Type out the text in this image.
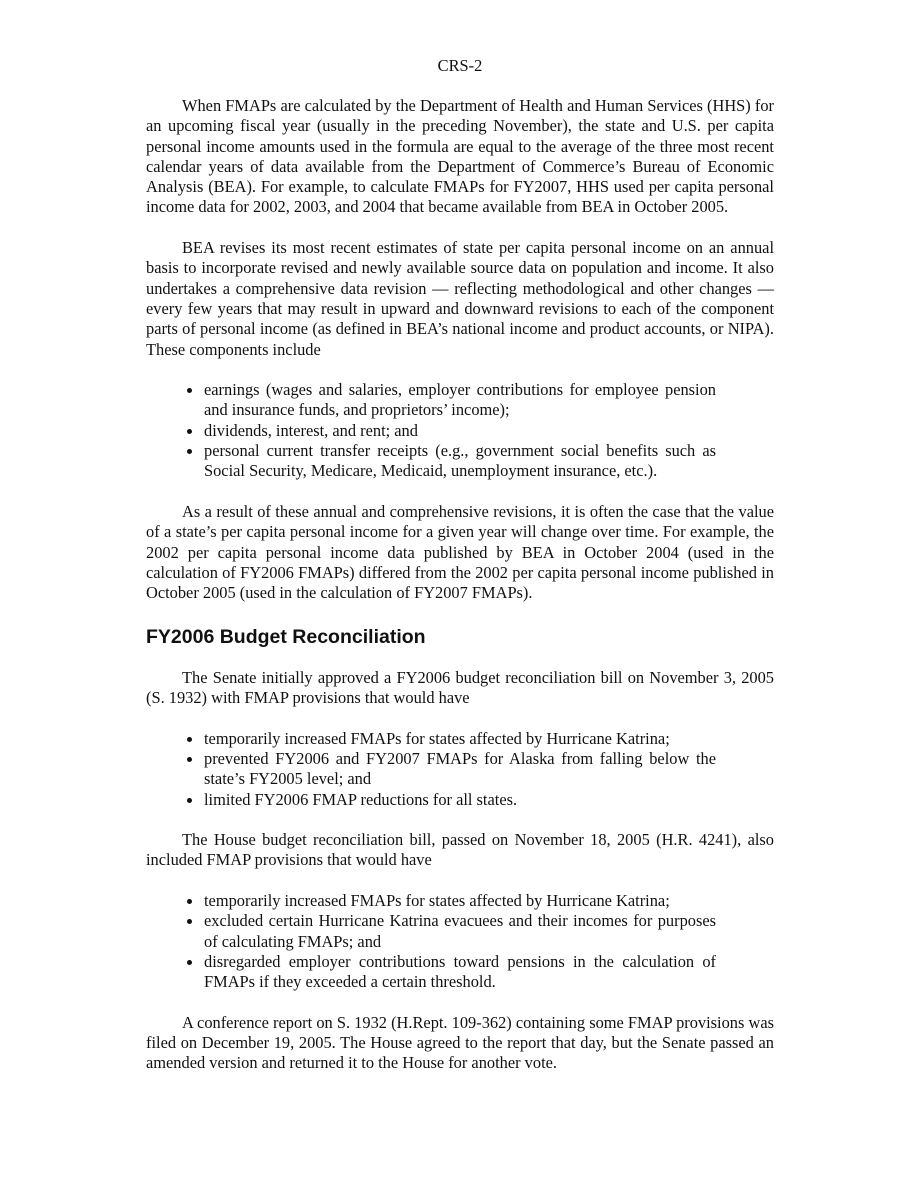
CRS-2

When FMAPs are calculated by the Department of Health and Human Services (HHS) for an upcoming fiscal year (usually in the preceding November), the state and U.S. per capita personal income amounts used in the formula are equal to the average of the three most recent calendar years of data available from the Department of Commerce’s Bureau of Economic Analysis (BEA). For example, to calculate FMAPs for FY2007, HHS used per capita personal income data for 2002, 2003, and 2004 that became available from BEA in October 2005.

BEA revises its most recent estimates of state per capita personal income on an annual basis to incorporate revised and newly available source data on population and income. It also undertakes a comprehensive data revision — reflecting methodological and other changes — every few years that may result in upward and downward revisions to each of the component parts of personal income (as defined in BEA’s national income and product accounts, or NIPA). These components include

earnings (wages and salaries, employer contributions for employee pension and insurance funds, and proprietors’ income);
dividends, interest, and rent; and
personal current transfer receipts (e.g., government social benefits such as Social Security, Medicare, Medicaid, unemployment insurance, etc.).

As a result of these annual and comprehensive revisions, it is often the case that the value of a state’s per capita personal income for a given year will change over time. For example, the 2002 per capita personal income data published by BEA in October 2004 (used in the calculation of FY2006 FMAPs) differed from the 2002 per capita personal income published in October 2005 (used in the calculation of FY2007 FMAPs).

FY2006 Budget Reconciliation

The Senate initially approved a FY2006 budget reconciliation bill on November 3, 2005 (S. 1932) with FMAP provisions that would have

temporarily increased FMAPs for states affected by Hurricane Katrina;
prevented FY2006 and FY2007 FMAPs for Alaska from falling below the state’s FY2005 level; and
limited FY2006 FMAP reductions for all states.

The House budget reconciliation bill, passed on November 18, 2005 (H.R. 4241), also included FMAP provisions that would have

temporarily increased FMAPs for states affected by Hurricane Katrina;
excluded certain Hurricane Katrina evacuees and their incomes for purposes of calculating FMAPs; and
disregarded employer contributions toward pensions in the calculation of FMAPs if they exceeded a certain threshold.

A conference report on S. 1932 (H.Rept. 109-362) containing some FMAP provisions was filed on December 19, 2005. The House agreed to the report that day, but the Senate passed an amended version and returned it to the House for another vote.
